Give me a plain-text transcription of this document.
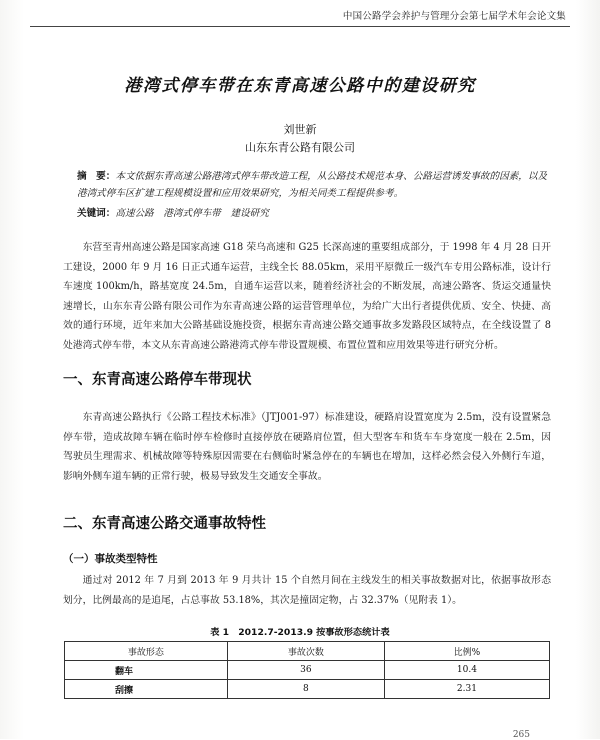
中国公路学会养护与管理分会第七届学术年会论文集
港湾式停车带在东青高速公路中的建设研究
刘世新
山东东青公路有限公司
摘　要：本文依据东青高速公路港湾式停车带改造工程，从公路技术规范本身、公路运营诱发事故的因素，以及港湾式停车区扩建工程规模设置和应用效果研究，为相关同类工程提供参考。
关键词：高速公路　港湾式停车带　建设研究
东营至青州高速公路是国家高速 G18 荣乌高速和 G25 长深高速的重要组成部分，于 1998 年 4 月 28 日开工建设，2000 年 9 月 16 日正式通车运营，主线全长 88.05km，采用平原微丘一级汽车专用公路标准，设计行车速度 100km/h，路基宽度 24.5m，自通车运营以来，随着经济社会的不断发展，高速公路客、货运交通量快速增长，山东东青公路有限公司作为东青高速公路的运营管理单位，为给广大出行者提供优质、安全、快捷、高效的通行环境，近年来加大公路基础设施投资，根据东青高速公路交通事故多发路段区域特点，在全线设置了 8 处港湾式停车带，本文从东青高速公路港湾式停车带设置规模、布置位置和应用效果等进行研究分析。
一、东青高速公路停车带现状
东青高速公路执行《公路工程技术标准》（JTJ001-97）标准建设，硬路肩设置宽度为 2.5m，没有设置紧急停车带，造成故障车辆在临时停车检修时直接停放在硬路肩位置，但大型客车和货车车身宽度一般在 2.5m，因驾驶员生理需求、机械故障等特殊原因需要在右侧临时紧急停在的车辆也在增加，这样必然会侵入外侧行车道，影响外侧车道车辆的正常行驶，极易导致发生交通安全事故。
二、东青高速公路交通事故特性
（一）事故类型特性
通过对 2012 年 7 月到 2013 年 9 月共计 15 个自然月间在主线发生的相关事故数据对比，依据事故形态划分，比例最高的是追尾，占总事故 53.18%，其次是撞固定物，占 32.37%（见附表 1）。
表 1　2012.7-2013.9 按事故形态统计表
事故形态	事故次数	比例%
翻车	36	10.4
刮擦	8	2.31
265
